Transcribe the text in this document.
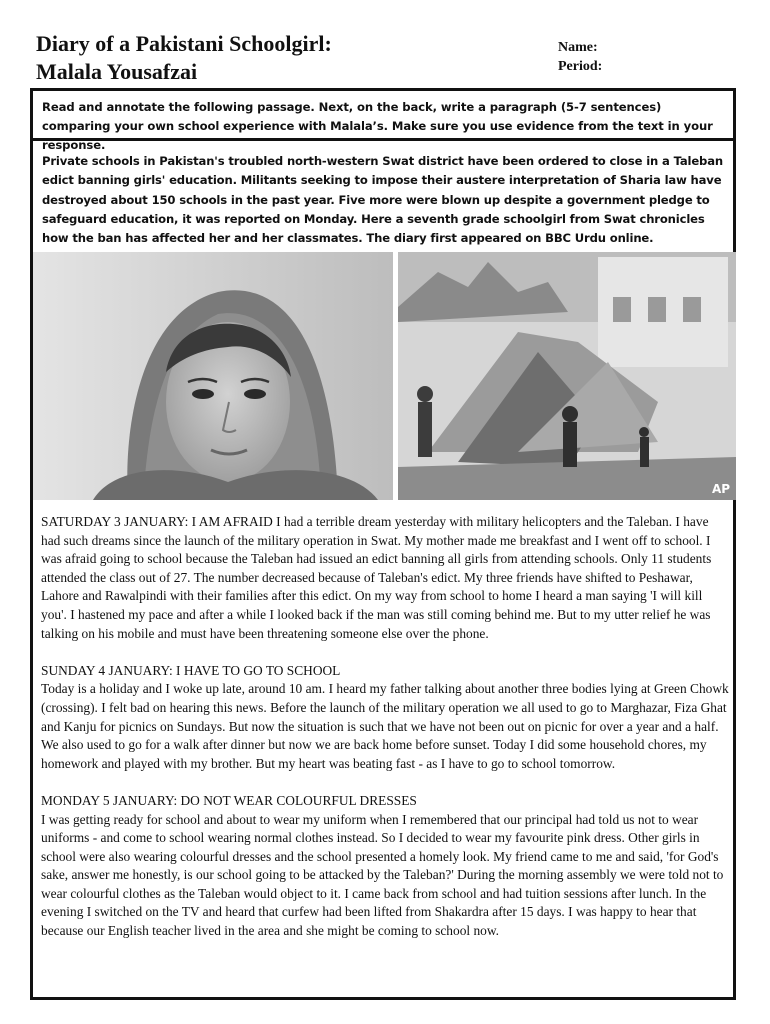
Diary of a Pakistani Schoolgirl:
Malala Yousafzai
Name:
Period:
Read and annotate the following passage. Next, on the back, write a paragraph (5-7 sentences) comparing your own school experience with Malala’s. Make sure you use evidence from the text in your response.
Private schools in Pakistan's troubled north-western Swat district have been ordered to close in a Taleban edict banning girls' education. Militants seeking to impose their austere interpretation of Sharia law have destroyed about 150 schools in the past year. Five more were blown up despite a government pledge to safeguard education, it was reported on Monday. Here a seventh grade schoolgirl from Swat chronicles how the ban has affected her and her classmates. The diary first appeared on BBC Urdu online.
AP
SATURDAY 3 JANUARY: I AM AFRAID I had a terrible dream yesterday with military helicopters and the Taleban. I have had such dreams since the launch of the military operation in Swat. My mother made me breakfast and I went off to school. I was afraid going to school because the Taleban had issued an edict banning all girls from attending schools. Only 11 students attended the class out of 27. The number decreased because of Taleban's edict. My three friends have shifted to Peshawar, Lahore and Rawalpindi with their families after this edict. On my way from school to home I heard a man saying 'I will kill you'. I hastened my pace and after a while I looked back if the man was still coming behind me. But to my utter relief he was talking on his mobile and must have been threatening someone else over the phone.
SUNDAY 4 JANUARY: I HAVE TO GO TO SCHOOL
Today is a holiday and I woke up late, around 10 am. I heard my father talking about another three bodies lying at Green Chowk (crossing). I felt bad on hearing this news. Before the launch of the military operation we all used to go to Marghazar, Fiza Ghat and Kanju for picnics on Sundays. But now the situation is such that we have not been out on picnic for over a year and a half. We also used to go for a walk after dinner but now we are back home before sunset. Today I did some household chores, my homework and played with my brother. But my heart was beating fast - as I have to go to school tomorrow.
MONDAY 5 JANUARY: DO NOT WEAR COLOURFUL DRESSES
I was getting ready for school and about to wear my uniform when I remembered that our principal had told us not to wear uniforms - and come to school wearing normal clothes instead. So I decided to wear my favourite pink dress. Other girls in school were also wearing colourful dresses and the school presented a homely look. My friend came to me and said, 'for God's sake, answer me honestly, is our school going to be attacked by the Taleban?' During the morning assembly we were told not to wear colourful clothes as the Taleban would object to it. I came back from school and had tuition sessions after lunch. In the evening I switched on the TV and heard that curfew had been lifted from Shakardra after 15 days. I was happy to hear that because our English teacher lived in the area and she might be coming to school now.
